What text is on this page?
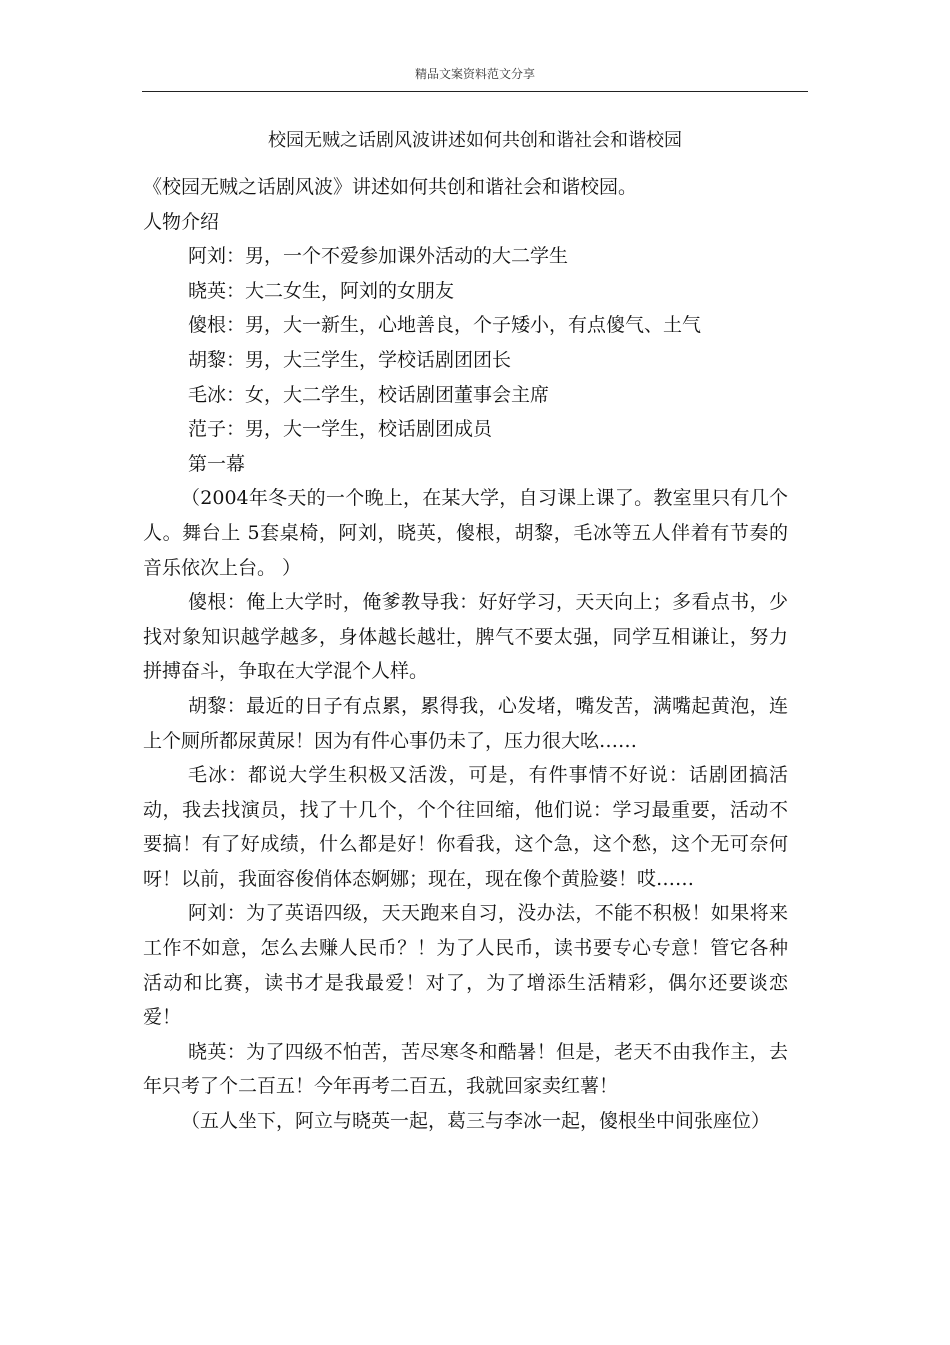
精品文案资料范文分享
校园无贼之话剧风波讲述如何共创和谐社会和谐校园

《校园无贼之话剧风波》讲述如何共创和谐社会和谐校园。

人物介绍

阿刘：男，一个不爱参加课外活动的大二学生

晓英：大二女生，阿刘的女朋友

傻根：男，大一新生，心地善良，个子矮小，有点傻气、土气

胡黎：男，大三学生，学校话剧团团长

毛冰：女，大二学生，校话剧团董事会主席

范子：男，大一学生，校话剧团成员

第一幕

（2004年冬天的一个晚上，在某大学，自习课上课了。教室里只有几个人。舞台上 5套桌椅，阿刘，晓英，傻根，胡黎，毛冰等五人伴着有节奏的音乐依次上台。 ）

傻根：俺上大学时，俺爹教导我：好好学习，天天向上；多看点书，少找对象知识越学越多，身体越长越壮，脾气不要太强，同学互相谦让，努力拼搏奋斗，争取在大学混个人样。

胡黎：最近的日子有点累，累得我，心发堵，嘴发苦，满嘴起黄泡，连上个厕所都尿黄尿！因为有件心事仍未了，压力很大吆……

毛冰：都说大学生积极又活泼，可是，有件事情不好说：话剧团搞活动，我去找演员，找了十几个，个个往回缩，他们说：学习最重要，活动不要搞！有了好成绩，什么都是好！你看我，这个急，这个愁，这个无可奈何呀！以前，我面容俊俏体态婀娜；现在，现在像个黄脸婆！哎……

阿刘：为了英语四级，天天跑来自习，没办法，不能不积极！如果将来工作不如意，怎么去赚人民币？！为了人民币，读书要专心专意！管它各种活动和比赛，读书才是我最爱！对了，为了增添生活精彩，偶尔还要谈恋爱！

晓英：为了四级不怕苦，苦尽寒冬和酷暑！但是，老天不由我作主，去年只考了个二百五！今年再考二百五，我就回家卖红薯！

（五人坐下，阿立与晓英一起，葛三与李冰一起，傻根坐中间张座位）
